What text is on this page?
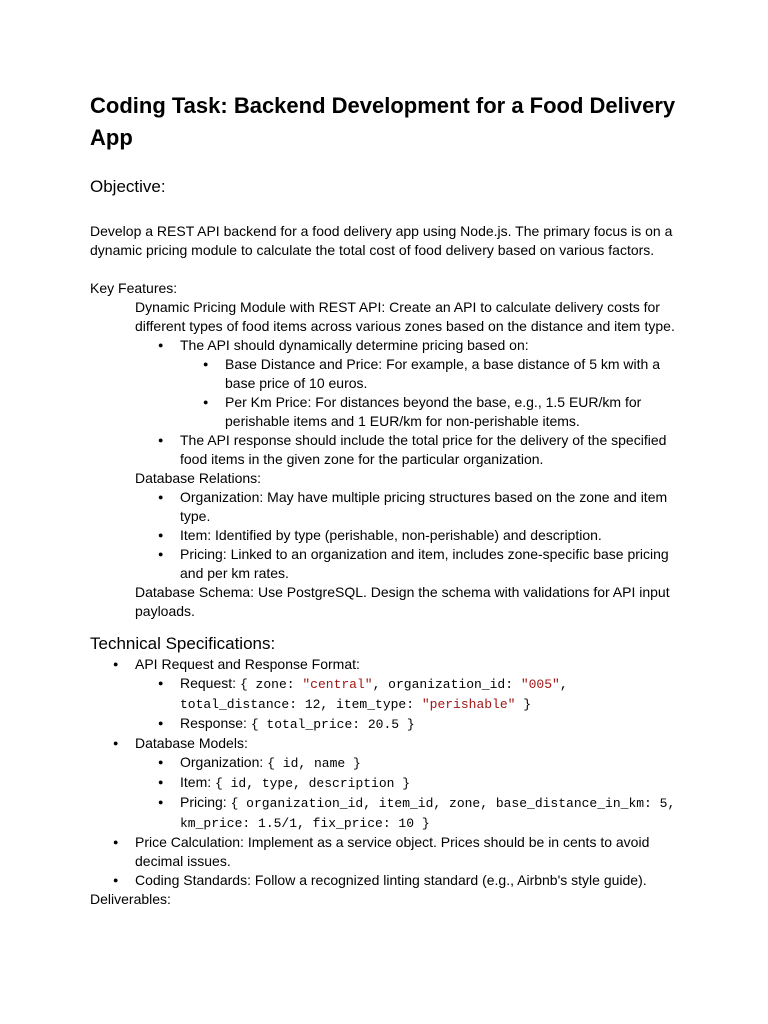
Coding Task: Backend Development for a Food Delivery App
Objective:

Develop a REST API backend for a food delivery app using Node.js. The primary focus is on a dynamic pricing module to calculate the total cost of food delivery based on various factors.

Key Features:

Dynamic Pricing Module with REST API: Create an API to calculate delivery costs for different types of food items across various zones based on the distance and item type.

● The API should dynamically determine pricing based on:
● Base Distance and Price: For example, a base distance of 5 km with a base price of 10 euros.
● Per Km Price: For distances beyond the base, e.g., 1.5 EUR/km for perishable items and 1 EUR/km for non-perishable items.
● The API response should include the total price for the delivery of the specified food items in the given zone for the particular organization.

Database Relations:

● Organization: May have multiple pricing structures based on the zone and item type.
● Item: Identified by type (perishable, non-perishable) and description.
● Pricing: Linked to an organization and item, includes zone-specific base pricing and per km rates.

Database Schema: Use PostgreSQL. Design the schema with validations for API input payloads.

Technical Specifications:
● API Request and Response Format:
● Request: { zone: "central", organization_id: "005",
total_distance: 12, item_type: "perishable" }
● Response: { total_price: 20.5 }
● Database Models:
● Organization: { id, name }
● Item: { id, type, description }
● Pricing: { organization_id, item_id, zone, base_distance_in_km: 5,
km_price: 1.5/1, fix_price: 10 }
● Price Calculation: Implement as a service object. Prices should be in cents to avoid decimal issues.
● Coding Standards: Follow a recognized linting standard (e.g., Airbnb's style guide).

Deliverables:
